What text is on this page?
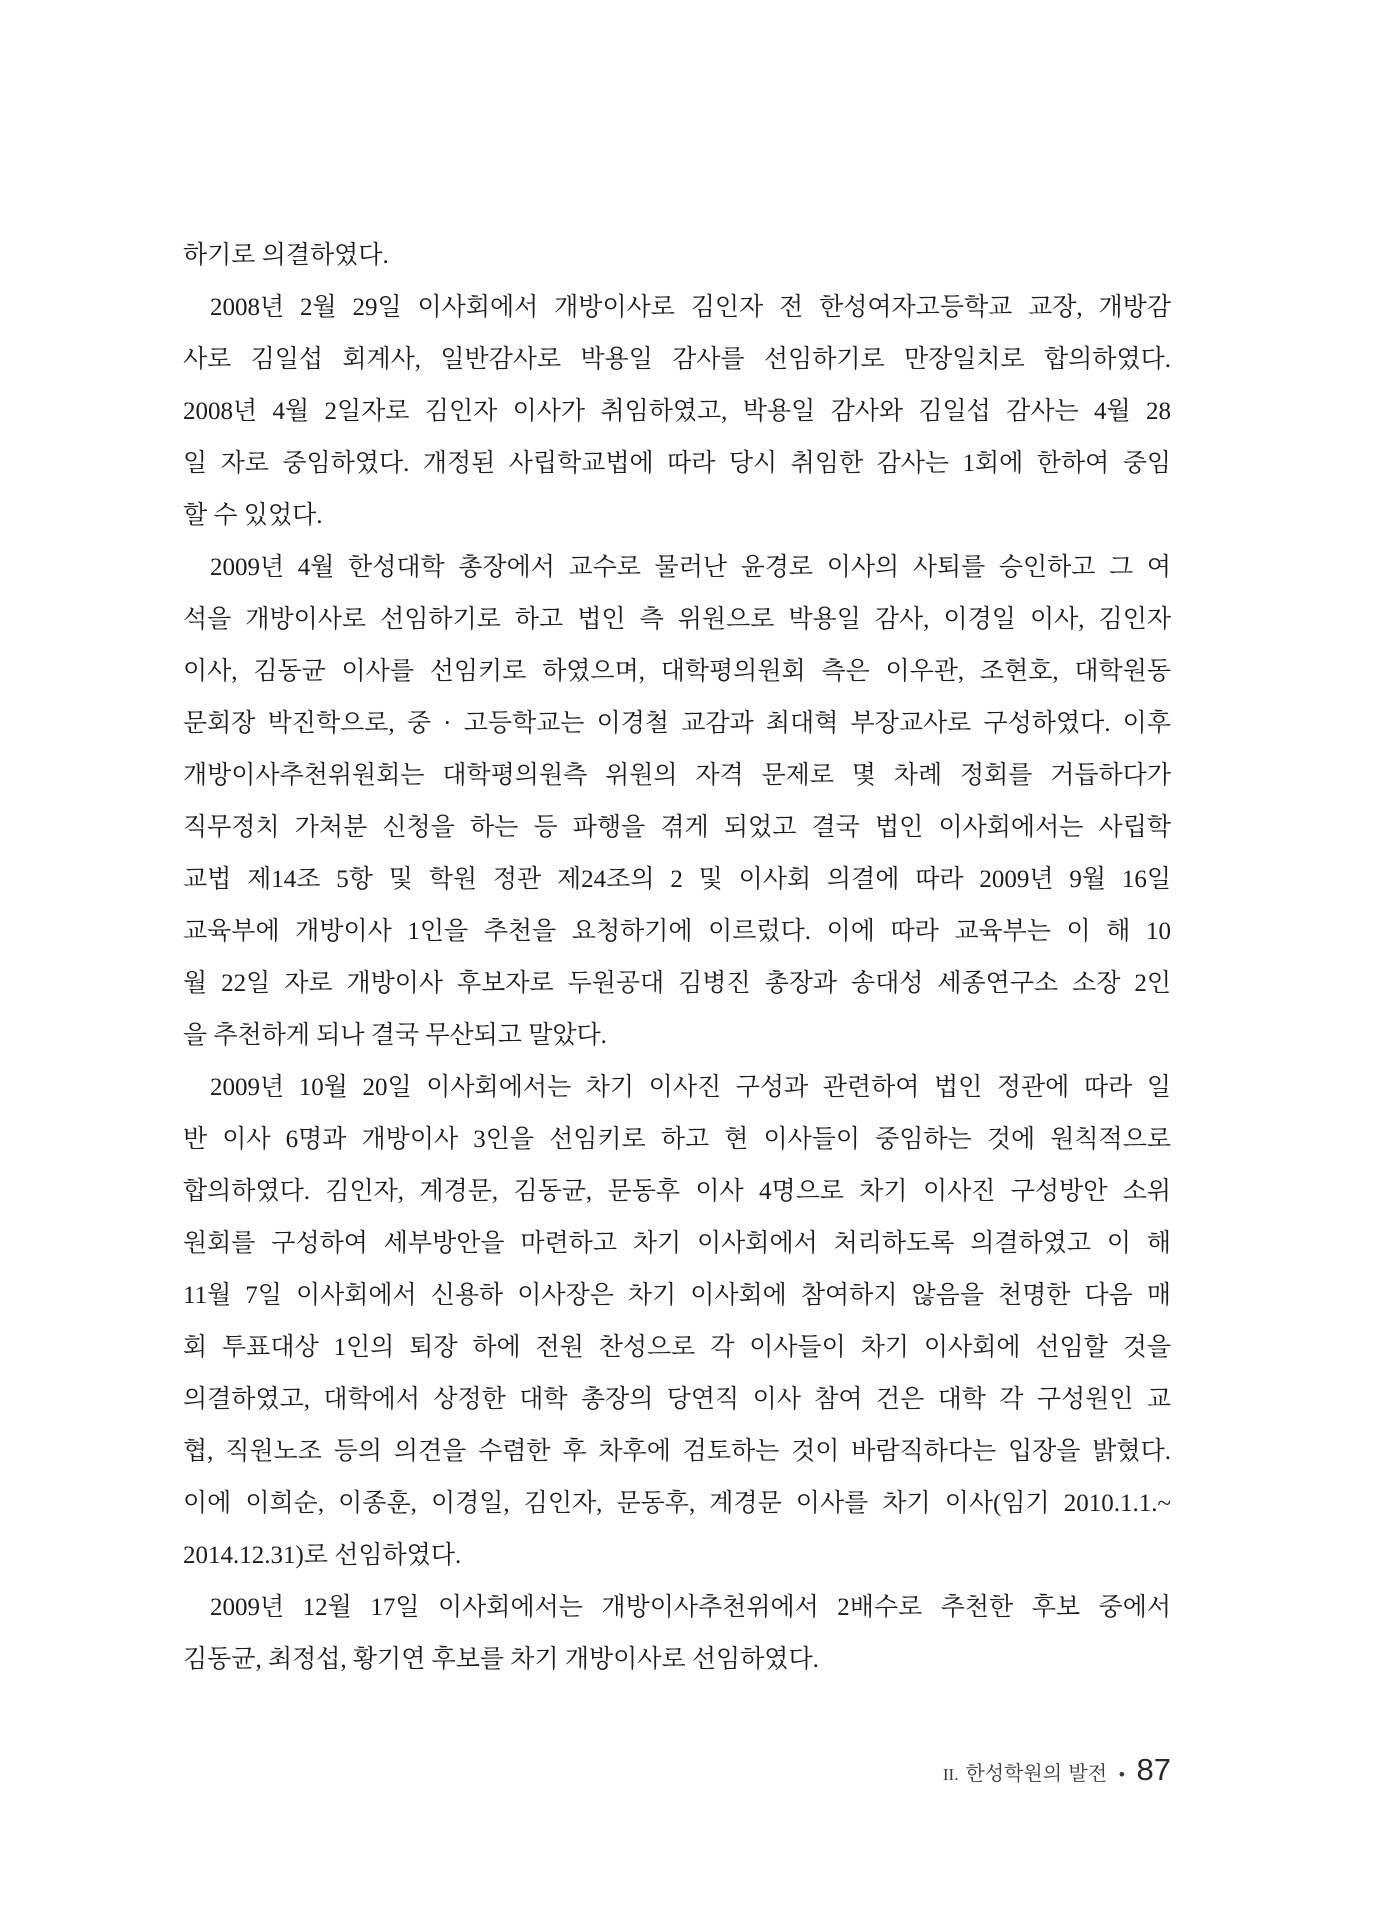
하기로 의결하였다.
2008년 2월 29일 이사회에서 개방이사로 김인자 전 한성여자고등학교 교장, 개방감
사로 김일섭 회계사, 일반감사로 박용일 감사를 선임하기로 만장일치로 합의하였다.
2008년 4월 2일자로 김인자 이사가 취임하였고, 박용일 감사와 김일섭 감사는 4월 28
일 자로 중임하였다. 개정된 사립학교법에 따라 당시 취임한 감사는 1회에 한하여 중임
할 수 있었다.
2009년 4월 한성대학 총장에서 교수로 물러난 윤경로 이사의 사퇴를 승인하고 그 여
석을 개방이사로 선임하기로 하고 법인 측 위원으로 박용일 감사, 이경일 이사, 김인자
이사, 김동균 이사를 선임키로 하였으며, 대학평의원회 측은 이우관, 조현호, 대학원동
문회장 박진학으로, 중 · 고등학교는 이경철 교감과 최대혁 부장교사로 구성하였다. 이후
개방이사추천위원회는 대학평의원측 위원의 자격 문제로 몇 차례 정회를 거듭하다가
직무정치 가처분 신청을 하는 등 파행을 겪게 되었고 결국 법인 이사회에서는 사립학
교법 제14조 5항 및 학원 정관 제24조의 2 및 이사회 의결에 따라 2009년 9월 16일
교육부에 개방이사 1인을 추천을 요청하기에 이르렀다. 이에 따라 교육부는 이 해 10
월 22일 자로 개방이사 후보자로 두원공대 김병진 총장과 송대성 세종연구소 소장 2인
을 추천하게 되나 결국 무산되고 말았다.
2009년 10월 20일 이사회에서는 차기 이사진 구성과 관련하여 법인 정관에 따라 일
반 이사 6명과 개방이사 3인을 선임키로 하고 현 이사들이 중임하는 것에 원칙적으로
합의하였다. 김인자, 계경문, 김동균, 문동후 이사 4명으로 차기 이사진 구성방안 소위
원회를 구성하여 세부방안을 마련하고 차기 이사회에서 처리하도록 의결하였고 이 해
11월 7일 이사회에서 신용하 이사장은 차기 이사회에 참여하지 않음을 천명한 다음 매
회 투표대상 1인의 퇴장 하에 전원 찬성으로 각 이사들이 차기 이사회에 선임할 것을
의결하였고, 대학에서 상정한 대학 총장의 당연직 이사 참여 건은 대학 각 구성원인 교
협, 직원노조 등의 의견을 수렴한 후 차후에 검토하는 것이 바람직하다는 입장을 밝혔다.
이에 이희순, 이종훈, 이경일, 김인자, 문동후, 계경문 이사를 차기 이사(임기 2010.1.1.~
2014.12.31)로 선임하였다.
2009년 12월 17일 이사회에서는 개방이사추천위에서 2배수로 추천한 후보 중에서
김동균, 최정섭, 황기연 후보를 차기 개방이사로 선임하였다.
II. 한성학원의 발전 • 87
